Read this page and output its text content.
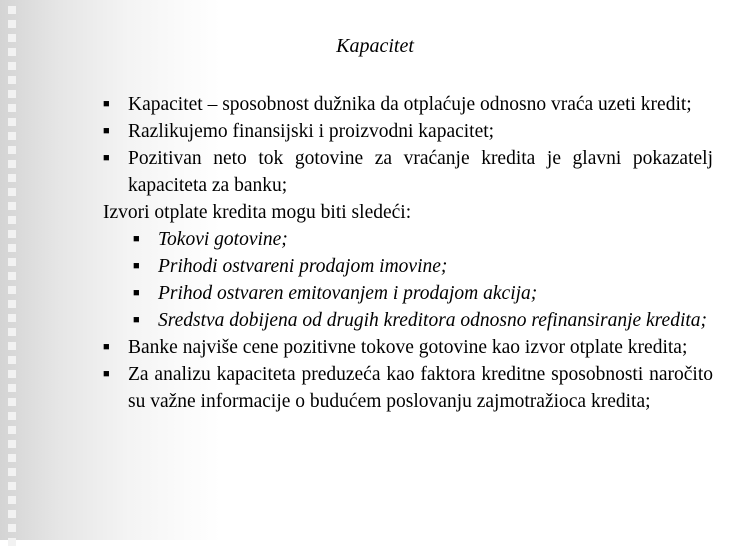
Kapacitet
■ Kapacitet – sposobnost dužnika da otplaćuje odnosno vraća uzeti kredit;
■ Razlikujemo finansijski i proizvodni kapacitet;
■ Pozitivan neto tok gotovine za vraćanje kredita je glavni pokazatelj kapaciteta za banku;
Izvori otplate kredita mogu biti sledeći:
■ Tokovi gotovine;
■ Prihodi ostvareni prodajom imovine;
■ Prihod ostvaren emitovanjem i prodajom akcija;
■ Sredstva dobijena od drugih kreditora odnosno refinansiranje kredita;
■ Banke najviše cene pozitivne tokove gotovine kao izvor otplate kredita;
■ Za analizu kapaciteta preduzeća kao faktora kreditne sposobnosti naročito su važne informacije o budućem poslovanju zajmotražioca kredita;
